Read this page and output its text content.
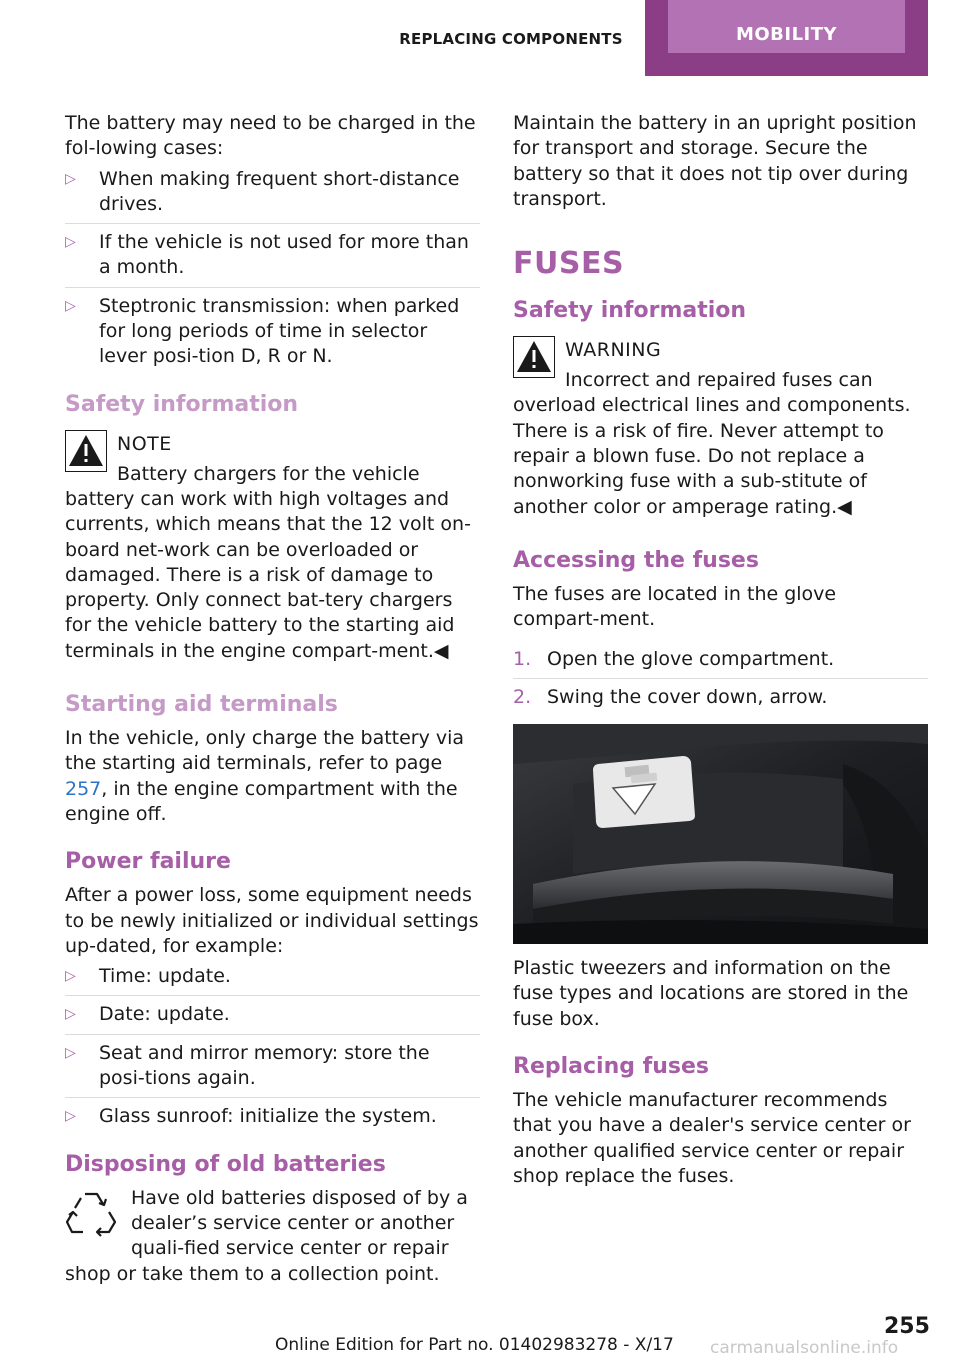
REPLACING COMPONENTS	MOBILITY

The battery may need to be charged in the fol‐lowing cases:

▷ When making frequent short-distance drives.
▷ If the vehicle is not used for more than a month.
▷ Steptronic transmission: when parked for long periods of time in selector lever posi‐tion D, R or N.
Safety information
NOTE
Battery chargers for the vehicle battery can work with high voltages and currents, which means that the 12 volt on-board net‐work can be overloaded or damaged. There is a risk of damage to property. Only connect bat‐tery chargers for the vehicle battery to the starting aid terminals in the engine compart‐ment.◀
Starting aid terminals

In the vehicle, only charge the battery via the starting aid terminals, refer to page 257, in the engine compartment with the engine off.

Power failure

After a power loss, some equipment needs to be newly initialized or individual settings up‐dated, for example:

▷ Time: update.
▷ Date: update.
▷ Seat and mirror memory: store the posi‐tions again.
▷ Glass sunroof: initialize the system.
Disposing of old batteries
Have old batteries disposed of by a dealer’s service center or another quali‐fied service center or repair shop or take them to a collection point.

Maintain the battery in an upright position for transport and storage. Secure the battery so that it does not tip over during transport.

FUSES
Safety information
WARNING
Incorrect and repaired fuses can overload electrical lines and components. There is a risk of fire. Never attempt to repair a blown fuse. Do not replace a nonworking fuse with a sub‐stitute of another color or amperage rating.◀
Accessing the fuses

The fuses are located in the glove compart‐ment.

1. Open the glove compartment.
2. Swing the cover down, arrow.

Plastic tweezers and information on the fuse types and locations are stored in the fuse box.

Replacing fuses

The vehicle manufacturer recommends that you have a dealer's service center or another qualified service center or repair shop replace the fuses.

255
Online Edition for Part no. 01402983278 - X/17 carmanualsonline.info
